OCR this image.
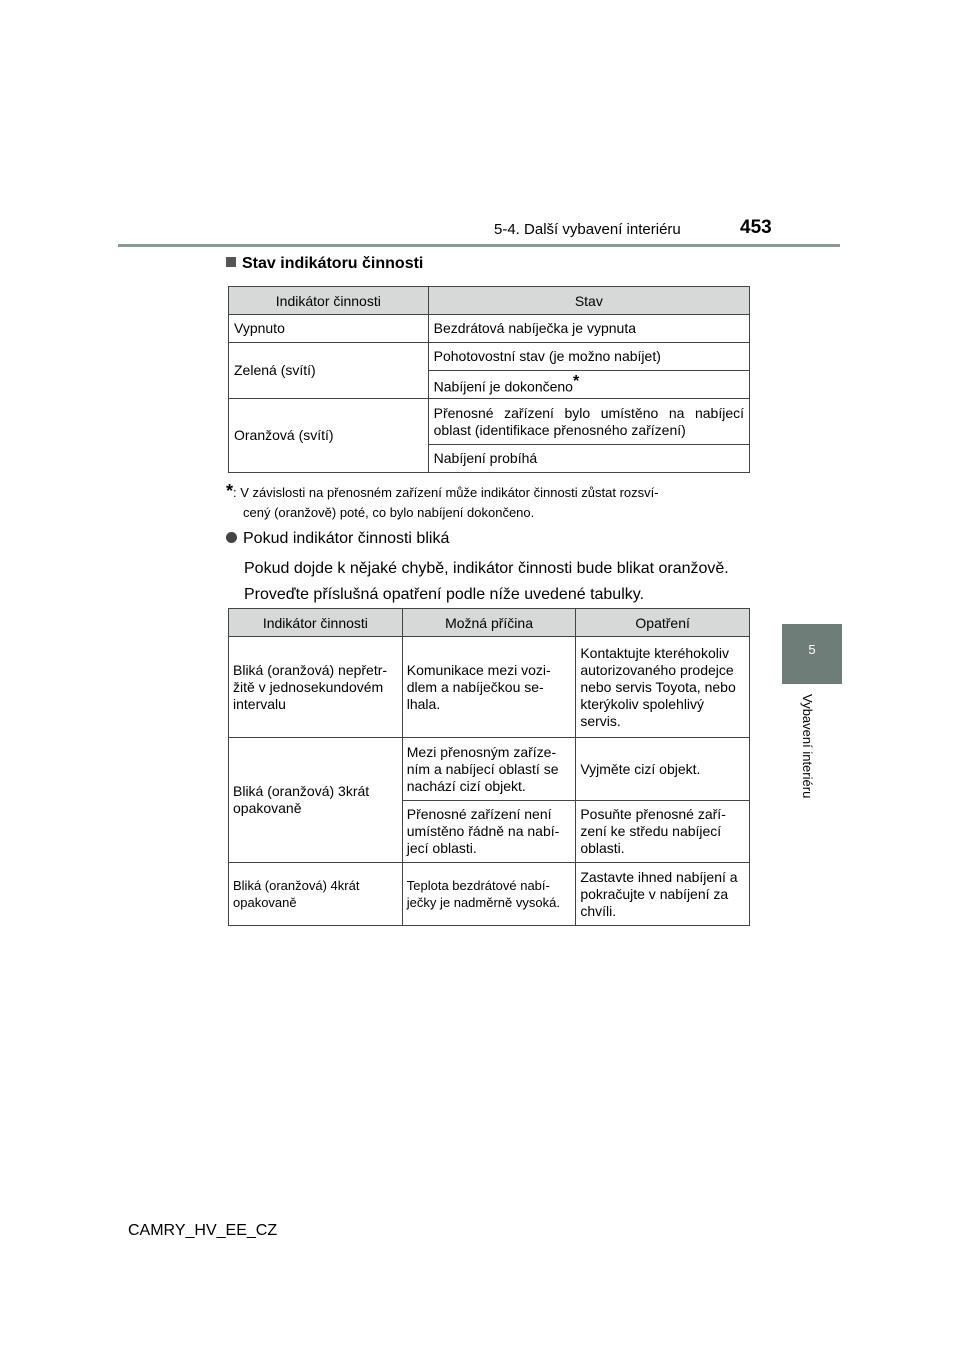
5-4. Další vybavení interiéru	453
5
Vybavení interiéru
Stav indikátoru činnosti
Indikátor činnosti	Stav
Vypnuto	Bezdrátová nabíječka je vypnuta
Zelená (svítí)	Pohotovostní stav (je možno nabíjet)
	Nabíjení je dokončeno*
Oranžová (svítí)	Přenosné zařízení bylo umístěno na nabíjecí oblast (identifikace přenosného zařízení)
	Nabíjení probíhá
*: V závislosti na přenosném zařízení může indikátor činnosti zůstat rozsví-
cený (oranžově) poté, co bylo nabíjení dokončeno.
Pokud indikátor činnosti bliká
Pokud dojde k nějaké chybě, indikátor činnosti bude blikat oranžově. Proveďte příslušná opatření podle níže uvedené tabulky.
Indikátor činnosti	Možná příčina	Opatření
Bliká (oranžová) nepřetr-žitě v jednosekundovém intervalu	Komunikace mezi vozi-dlem a nabíječkou se-lhala.	Kontaktujte kteréhokoliv autorizovaného prodejce nebo servis Toyota, nebo kterýkoliv spolehlivý servis.
Bliká (oranžová) 3krát opakovaně	Mezi přenosným zaříze-ním a nabíjecí oblastí se nachází cizí objekt.	Vyjměte cizí objekt.
	Přenosné zařízení není umístěno řádně na nabí-jecí oblasti.	Posuňte přenosné zaří-zení ke středu nabíjecí oblasti.
Bliká (oranžová) 4krát opakovaně	Teplota bezdrátové nabí-ječky je nadměrně vysoká.	Zastavte ihned nabíjení a pokračujte v nabíjení za chvíli.
CAMRY_HV_EE_CZ
